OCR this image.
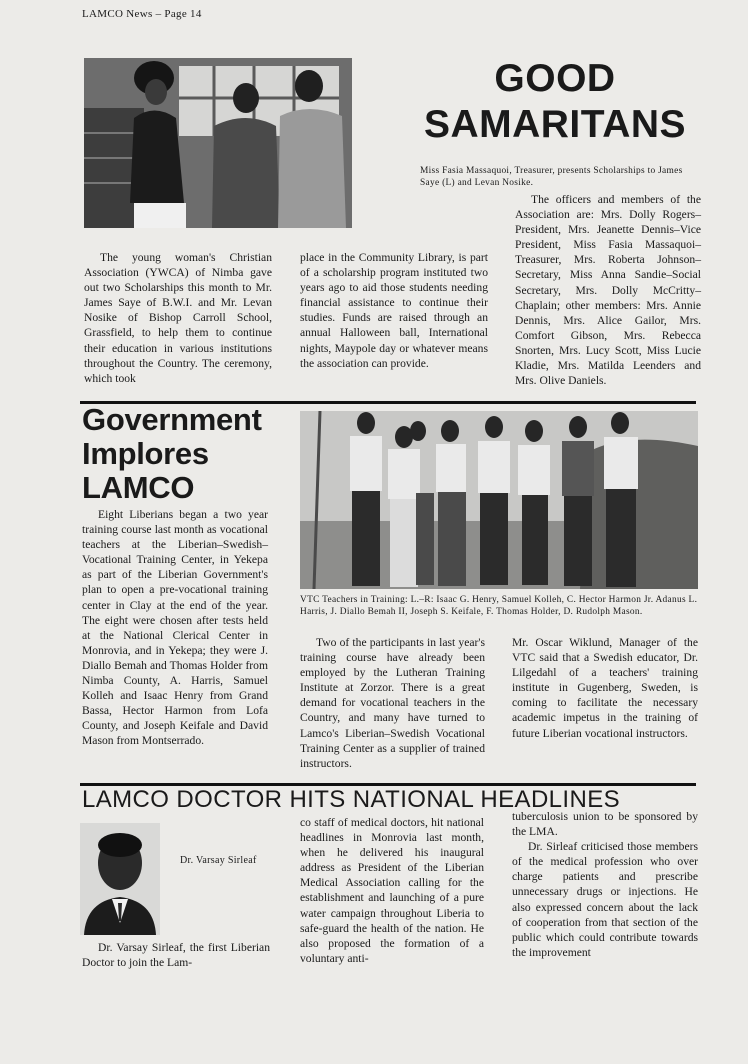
LAMCO News – Page 14
GOOD
SAMARITANS
Miss Fasia Massaquoi, Treasurer, presents Scholarships to James Saye (L) and Levan Nosike.

The young woman's Christian Association (YWCA) of Nimba gave out two Scholarships this month to Mr. James Saye of B.W.I. and Mr. Levan Nosike of Bishop Carroll School, Grassfield, to help them to continue their education in various institutions throughout the Country. The ceremony, which took

place in the Community Library, is part of a scholarship program instituted two years ago to aid those students needing financial assistance to continue their studies. Funds are raised through an annual Halloween ball, International nights, Maypole day or whatever means the association can provide.

The officers and members of the Association are: Mrs. Dolly Rogers–President, Mrs. Jeanette Dennis–Vice President, Miss Fasia Massaquoi–Treasurer, Mrs. Roberta Johnson–Secretary, Miss Anna Sandie–Social Secretary, Mrs. Dolly McCritty–Chaplain; other members: Mrs. Annie Dennis, Mrs. Alice Gailor, Mrs. Comfort Gibson, Mrs. Rebecca Snorten, Mrs. Lucy Scott, Miss Lucie Kladie, Mrs. Matilda Leenders and Mrs. Olive Daniels.

Government
Implores
LAMCO
VTC Teachers in Training: L.–R: Isaac G. Henry, Samuel Kolleh, C. Hector Harmon Jr. Adanus L. Harris, J. Diallo Bemah II, Joseph S. Keifale, F. Thomas Holder, D. Rudolph Mason.

Eight Liberians began a two year training course last month as vocational teachers at the Liberian–Swedish–Vocational Training Center, in Yekepa as part of the Liberian Government's plan to open a pre-vocational training center in Clay at the end of the year. The eight were chosen after tests held at the National Clerical Center in Monrovia, and in Yekepa; they were J. Diallo Bemah and Thomas Holder from Nimba County, A. Harris, Samuel Kolleh and Isaac Henry from Grand Bassa, Hector Harmon from Lofa County, and Joseph Keifale and David Mason from Montserrado.

Two of the participants in last year's training course have already been employed by the Lutheran Training Institute at Zorzor. There is a great demand for vocational teachers in the Country, and many have turned to Lamco's Liberian–Swedish Vocational Training Center as a supplier of trained instructors.

Mr. Oscar Wiklund, Manager of the VTC said that a Swedish educator, Dr. Lilgedahl of a teachers' training institute in Gugenberg, Sweden, is coming to facilitate the necessary academic impetus in the training of future Liberian vocational instructors.

LAMCO DOCTOR HITS NATIONAL HEADLINES
Dr. Varsay Sirleaf

Dr. Varsay Sirleaf, the first Liberian Doctor to join the Lam-

co staff of medical doctors, hit national headlines in Monrovia last month, when he delivered his inaugural address as President of the Liberian Medical Association calling for the establishment and launching of a pure water campaign throughout Liberia to safe-guard the health of the nation. He also proposed the formation of a voluntary anti-

tuberculosis union to be sponsored by the LMA.

Dr. Sirleaf criticised those members of the medical profession who over charge patients and prescribe unnecessary drugs or injections. He also expressed concern about the lack of cooperation from that section of the public which could contribute towards the improvement
